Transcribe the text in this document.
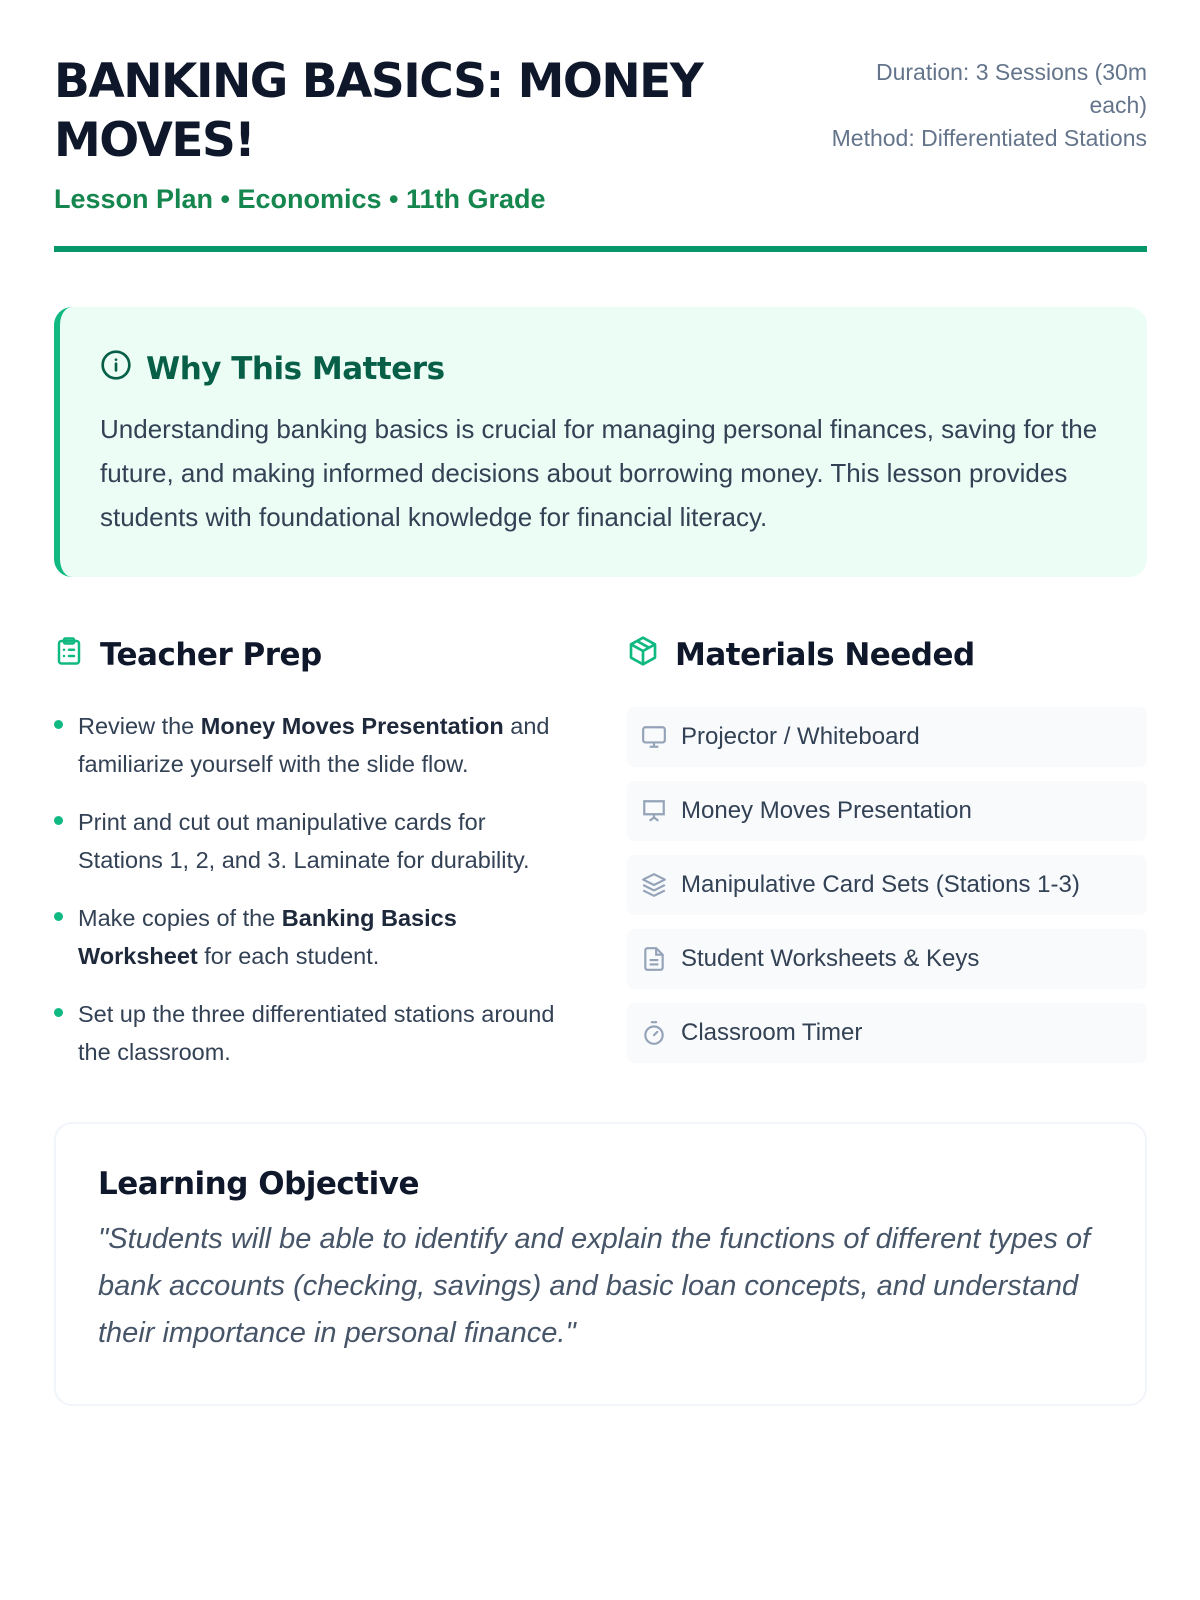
BANKING BASICS: MONEY MOVES!
Lesson Plan • Economics • 11th Grade
Duration: 3 Sessions (30m each)
Method: Differentiated Stations
Why This Matters

Understanding banking basics is crucial for managing personal finances, saving for the future, and making informed decisions about borrowing money. This lesson provides students with foundational knowledge for financial literacy.

Teacher Prep
Review the Money Moves Presentation and familiarize yourself with the slide flow.
Print and cut out manipulative cards for Stations 1, 2, and 3. Laminate for durability.
Make copies of the Banking Basics Worksheet for each student.
Set up the three differentiated stations around the classroom.
Materials Needed
Projector / Whiteboard
Money Moves Presentation
Manipulative Card Sets (Stations 1-3)
Student Worksheets & Keys
Classroom Timer
Learning Objective

"Students will be able to identify and explain the functions of different types of bank accounts (checking, savings) and basic loan concepts, and understand their importance in personal finance."
